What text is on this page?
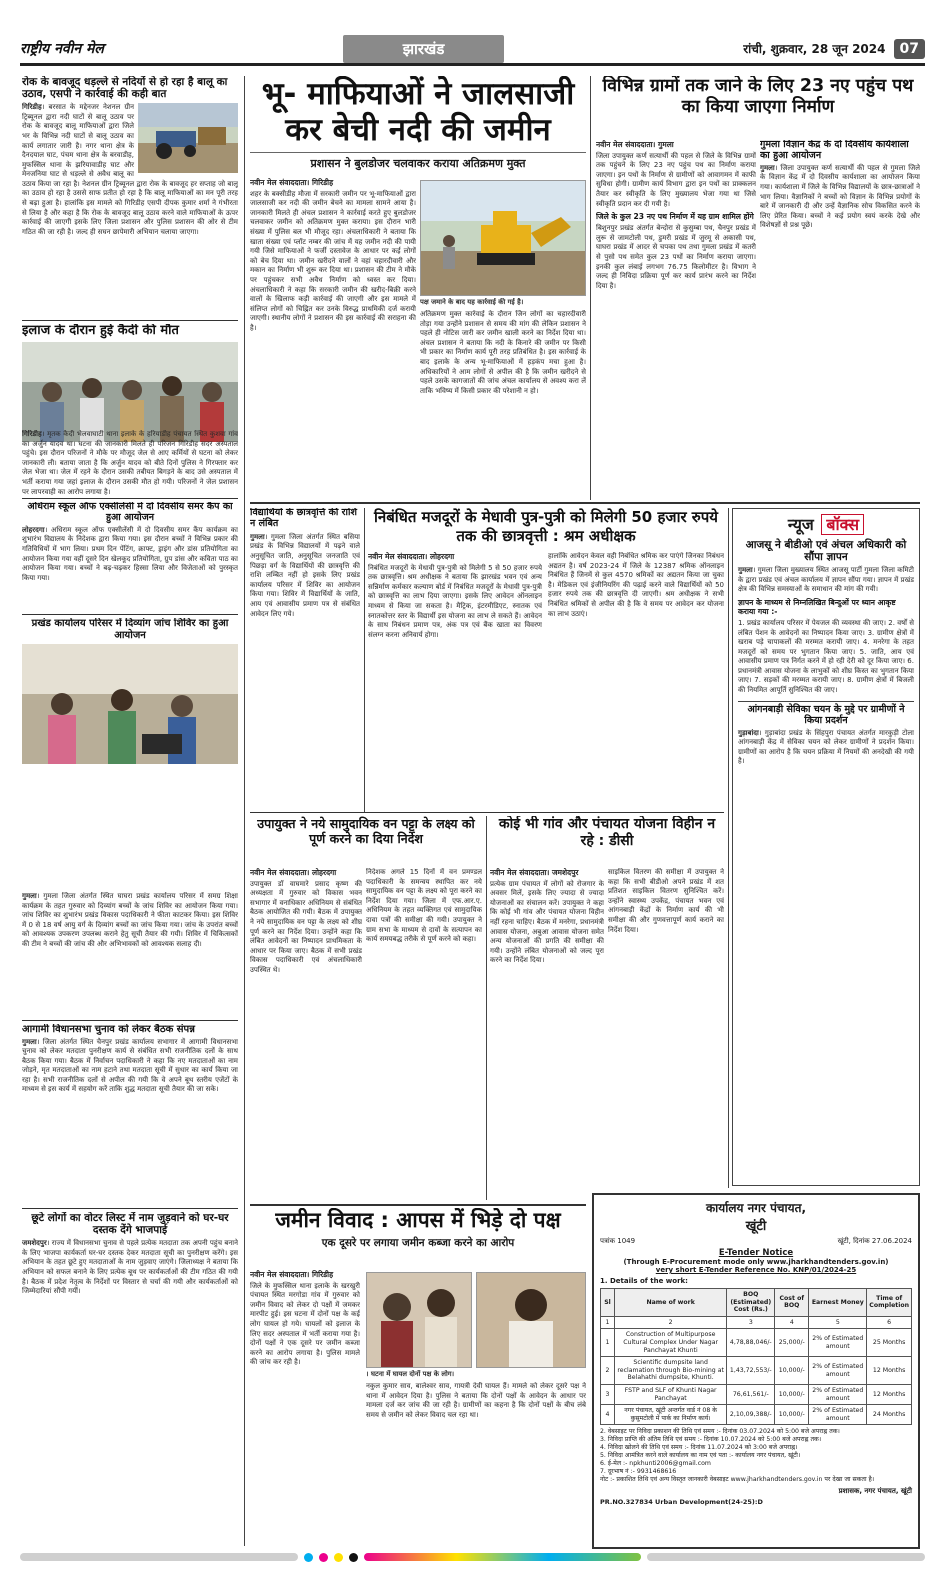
राष्ट्रीय नवीन मेल	झारखंड	रांची, शुक्रवार, 28 जून 2024	07
रोक के बावजूद धड़ल्ले से नदियों से हो रहा है बालू का उठाव, एसपी ने कार्रवाई की कही बात
गिरिडीह। बरसात के मद्देनजर नेशनल ग्रीन ट्रिब्यूनल द्वारा नदी घाटों से बालू उठाव पर रोक के बावजूद बालू माफियाओं द्वारा जिले भर के विभिन्न नदी घाटों से बालू उठाव का कार्य लगातार जारी है। नगर थाना क्षेत्र के दैनदयाल घाट, पंचम थाना क्षेत्र के बरवाडीह, मुफस्सिल थाना के झरियावाडीह घाट और मेनजनिया घाट से धड़ल्ले से अवैध बालू का उठाव किया जा रहा है। नेशनल ग्रीन ट्रिब्यूनल द्वारा रोक के बावजूद हर सप्ताह जो बालू का उठाव हो रहा है उससे साफ प्रतीत हो रहा है कि बालू माफियाओं का मन पूरी तरह से बढ़ा हुआ है। हालांकि इस मामले को गिरिडीह एसपी दीपक कुमार शर्मा ने गंभीरता से लिया है और कहा है कि रोक के बावजूद बालू उठाव करने वाले माफियाओं के ऊपर कार्रवाई की जाएगी इसके लिए जिला प्रशासन और पुलिस प्रशासन की ओर से टीम गठित की जा रही है। जल्द ही सघन छापेमारी अभियान चलाया जाएगा।
इलाज के दौरान हुई कैदी की मौत
गिरिडीह। मृतक कैदी भेलवाघाटी थाना इलाके के हरियाडीह पंचायत स्थित कुशवा गांव का अर्जुन यादव था। घटना की जानकारी मिलते ही परिजन गिरिडीह सदर अस्पताल पहुंचे। इस दौरान परिजनों ने मौके पर मौजूद जेल से आए कर्मियों से घटना को लेकर जानकारी ली। बताया जाता है कि अर्जुन यादव को बीते दिनों पुलिस ने गिरफ्तार कर जेल भेजा था। जेल में रहने के दौरान उसकी तबीयत बिगड़ने के बाद उसे अस्पताल में भर्ती कराया गया जहां इलाज के दौरान उसकी मौत हो गयी। परिजनों ने जेल प्रशासन पर लापरवाही का आरोप लगाया है।
अधिराम स्कूल ऑफ एक्सीलेंसी में दो दिवसीय समर कैंप का हुआ आयोजन
लोहरदगा। अधिराम स्कूल ऑफ एक्सीलेंसी में दो दिवसीय समर कैंप कार्यक्रम का शुभारंभ विद्यालय के निदेशक द्वारा किया गया। इस दौरान बच्चों ने विभिन्न प्रकार की गतिविधियों में भाग लिया। प्रथम दिन पेंटिंग, क्राफ्ट, ड्राइंग और डांस प्रतियोगिता का आयोजन किया गया वहीं दूसरे दिन खेलकूद प्रतियोगिता, ग्रुप डांस और कविता पाठ का आयोजन किया गया। बच्चों ने बढ़-चढ़कर हिस्सा लिया और विजेताओं को पुरस्कृत किया गया।
प्रखंड कार्यालय परिसर में दिव्यांग जांच शिविर का हुआ आयोजन
गुमला। गुमला जिला अंतर्गत स्थित घाघरा प्रखंड कार्यालय परिसर में समग्र शिक्षा कार्यक्रम के तहत गुरुवार को दिव्यांग बच्चों के जांच शिविर का आयोजन किया गया। जांच शिविर का शुभारंभ प्रखंड विकास पदाधिकारी ने फीता काटकर किया। इस शिविर में 0 से 18 वर्ष आयु वर्ग के दिव्यांग बच्चों का जांच किया गया। जांच के उपरांत बच्चों को आवश्यक उपकरण उपलब्ध कराने हेतु सूची तैयार की गयी। शिविर में चिकित्सकों की टीम ने बच्चों की जांच की और अभिभावकों को आवश्यक सलाह दी।
आगामी विधानसभा चुनाव को लेकर बैठक संपन्न
गुमला। जिला अंतर्गत स्थित चैनपुर प्रखंड कार्यालय सभागार में आगामी विधानसभा चुनाव को लेकर मतदाता पुनरीक्षण कार्य से संबंधित सभी राजनीतिक दलों के साथ बैठक किया गया। बैठक में निर्वाचन पदाधिकारी ने कहा कि नए मतदाताओं का नाम जोड़ने, मृत मतदाताओं का नाम हटाने तथा मतदाता सूची में सुधार का कार्य किया जा रहा है। सभी राजनीतिक दलों से अपील की गयी कि वे अपने बूथ स्तरीय एजेंटों के माध्यम से इस कार्य में सहयोग करें ताकि शुद्ध मतदाता सूची तैयार की जा सके।
छूटे लोगों का वोटर लिस्ट में नाम जुड़वाने को घर-घर दस्तक देंगे भाजपाई
जमशेदपुर। राज्य में विधानसभा चुनाव से पहले प्रत्येक मतदाता तक अपनी पहुंच बनाने के लिए भाजपा कार्यकर्ता घर-घर दस्तक देकर मतदाता सूची का पुनरीक्षण करेंगे। इस अभियान के तहत छूटे हुए मतदाताओं के नाम जुड़वाए जाएंगे। जिलाध्यक्ष ने बताया कि अभियान को सफल बनाने के लिए प्रत्येक बूथ पर कार्यकर्ताओं की टीम गठित की गयी है। बैठक में प्रदेश नेतृत्व के निर्देशों पर विस्तार से चर्चा की गयी और कार्यकर्ताओं को जिम्मेदारियां सौंपी गयीं।
भू- माफियाओं ने जालसाजी कर बेची नदी की जमीन
प्रशासन ने बुलडोजर चलवाकर कराया अतिक्रमण मुक्त
नवीन मेल संवाददाता। गिरिडीह
शहर के बक्सीडीह मौजा में सरकारी जमीन पर भू-माफियाओं द्वारा जालसाजी कर नदी की जमीन बेचने का मामला सामने आया है। जानकारी मिलते ही अंचल प्रशासन ने कार्रवाई करते हुए बुलडोजर चलवाकर जमीन को अतिक्रमण मुक्त कराया। इस दौरान भारी संख्या में पुलिस बल भी मौजूद रहा। अंचलाधिकारी ने बताया कि खाता संख्या एवं प्लॉट नम्बर की जांच में यह जमीन नदी की पायी गयी जिसे माफियाओं ने फर्जी दस्तावेज के आधार पर कई लोगों को बेच दिया था। जमीन खरीदने वालों ने वहां चहारदीवारी और मकान का निर्माण भी शुरू कर दिया था। प्रशासन की टीम ने मौके पर पहुंचकर सभी अवैध निर्माण को ध्वस्त कर दिया। अंचलाधिकारी ने कहा कि सरकारी जमीन की खरीद-बिक्री करने वालों के खिलाफ कड़ी कार्रवाई की जाएगी और इस मामले में संलिप्त लोगों को चिह्नित कर उनके विरुद्ध प्राथमिकी दर्ज करायी जाएगी। स्थानीय लोगों ने प्रशासन की इस कार्रवाई की सराहना की है।
पक्ष जमाने के बाद यह कार्रवाई की गई है।
अतिक्रमण मुक्त कार्रवाई के दौरान जिन लोगों का चहारदीवारी तोड़ा गया उन्होंने प्रशासन से समय की मांग की लेकिन प्रशासन ने पहले ही नोटिस जारी कर जमीन खाली करने का निर्देश दिया था। अंचल प्रशासन ने बताया कि नदी के किनारे की जमीन पर किसी भी प्रकार का निर्माण कार्य पूरी तरह प्रतिबंधित है। इस कार्रवाई के बाद इलाके के अन्य भू-माफियाओं में हड़कंप मचा हुआ है। अधिकारियों ने आम लोगों से अपील की है कि जमीन खरीदने से पहले उसके कागजातों की जांच अंचल कार्यालय से अवश्य करा लें ताकि भविष्य में किसी प्रकार की परेशानी न हो।
विभिन्न ग्रामों तक जाने के लिए 23 नए पहुंच पथ का किया जाएगा निर्माण
नवीन मेल संवाददाता। गुमला
जिला उपायुक्त कर्ण सत्यार्थी की पहल से जिले के विभिन्न ग्रामों तक पहुंचने के लिए 23 नए पहुंच पथ का निर्माण कराया जाएगा। इन पथों के निर्माण से ग्रामीणों को आवागमन में काफी सुविधा होगी। ग्रामीण कार्य विभाग द्वारा इन पथों का प्राक्कलन तैयार कर स्वीकृति के लिए मुख्यालय भेजा गया था जिसे स्वीकृति प्रदान कर दी गयी है।
जिले के कुल 23 नए पथ निर्माण में यह ग्राम शामिल होंगे
बिशुनपुर प्रखंड अंतर्गत बेन्दोरा से कुसुम्बा पथ, चैनपुर प्रखंड में लुरू से जामटोली पथ, डुमरी प्रखंड में जुरमू से अकासी पथ, घाघरा प्रखंड में आदर से चपका पथ तथा गुमला प्रखंड में कतरी से पुसो पथ समेत कुल 23 पथों का निर्माण कराया जाएगा। इनकी कुल लंबाई लगभग 76.75 किलोमीटर है। विभाग ने जल्द ही निविदा प्रक्रिया पूर्ण कर कार्य प्रारंभ करने का निर्देश दिया है।
गुमला विज्ञान केंद्र के दो दिवसीय कार्यशाला का हुआ आयोजन
गुमला। जिला उपायुक्त कर्ण सत्यार्थी की पहल से गुमला जिले के विज्ञान केंद्र में दो दिवसीय कार्यशाला का आयोजन किया गया। कार्यशाला में जिले के विभिन्न विद्यालयों के छात्र-छात्राओं ने भाग लिया। वैज्ञानिकों ने बच्चों को विज्ञान के विभिन्न प्रयोगों के बारे में जानकारी दी और उन्हें वैज्ञानिक सोच विकसित करने के लिए प्रेरित किया। बच्चों ने कई प्रयोग स्वयं करके देखे और विशेषज्ञों से प्रश्न पूछे।
विद्यार्थियों के छात्रवृत्ति की राशि न लंबित
गुमला। गुमला जिला अंतर्गत स्थित बसिया प्रखंड के विभिन्न विद्यालयों में पढ़ने वाले अनुसूचित जाति, अनुसूचित जनजाति एवं पिछड़ा वर्ग के विद्यार्थियों की छात्रवृत्ति की राशि लम्बित नहीं हो इसके लिए प्रखंड कार्यालय परिसर में शिविर का आयोजन किया गया। शिविर में विद्यार्थियों के जाति, आय एवं आवासीय प्रमाण पत्र से संबंधित आवेदन लिए गये।
निबंधित मजदूरों के मेधावी पुत्र-पुत्री को मिलेगी 50 हजार रुपये तक की छात्रवृत्ती : श्रम अधीक्षक
नवीन मेल संवाददाता। लोहरदगा
निबंधित मजदूरों के मेधावी पुत्र-पुत्री को मिलेगी 5 से 50 हजार रुपये तक छात्रवृत्ति। श्रम अधीक्षक ने बताया कि झारखंड भवन एवं अन्य सन्निर्माण कर्मकार कल्याण बोर्ड में निबंधित मजदूरों के मेधावी पुत्र-पुत्री को छात्रवृत्ति का लाभ दिया जाएगा। इसके लिए आवेदन ऑनलाइन माध्यम से किया जा सकता है। मैट्रिक, इंटरमीडिएट, स्नातक एवं स्नातकोत्तर स्तर के विद्यार्थी इस योजना का लाभ ले सकते हैं। आवेदन के साथ निबंधन प्रमाण पत्र, अंक पत्र एवं बैंक खाता का विवरण संलग्न करना अनिवार्य होगा।
हालांकि आवेदन केवल वही निबंधित श्रमिक कर पाएंगे जिनका निबंधन अद्यतन है। वर्ष 2023-24 में जिले के 12387 श्रमिक ऑनलाइन निबंधित हैं जिनमें से कुल 4570 श्रमिकों का अद्यतन किया जा चुका है। मेडिकल एवं इंजीनियरिंग की पढ़ाई करने वाले विद्यार्थियों को 50 हजार रुपये तक की छात्रवृत्ति दी जाएगी। श्रम अधीक्षक ने सभी निबंधित श्रमिकों से अपील की है कि वे समय पर आवेदन कर योजना का लाभ उठाएं।
न्यूज बॉक्स
आजसू ने बीडीओ एवं अंचल अधिकारी को सौंपा ज्ञापन
गुमला। गुमला जिला मुख्यालय स्थित आजसू पार्टी गुमला जिला कमिटी के द्वारा प्रखंड एवं अंचल कार्यालय में ज्ञापन सौंपा गया। ज्ञापन में प्रखंड क्षेत्र की विभिन्न समस्याओं के समाधान की मांग की गयी।
ज्ञापन के माध्यम से निम्नलिखित बिन्दुओं पर ध्यान आकृष्ट कराया गया :-
1. प्रखंड कार्यालय परिसर में पेयजल की व्यवस्था की जाए। 2. वर्षों से लंबित पेंशन के आवेदनों का निष्पादन किया जाए। 3. ग्रामीण क्षेत्रों में खराब पड़े चापाकलों की मरम्मत करायी जाए। 4. मनरेगा के तहत मजदूरों को समय पर भुगतान किया जाए। 5. जाति, आय एवं आवासीय प्रमाण पत्र निर्गत करने में हो रही देरी को दूर किया जाए। 6. प्रधानमंत्री आवास योजना के लाभुकों को शीघ्र किस्त का भुगतान किया जाए। 7. सड़कों की मरम्मत करायी जाए। 8. ग्रामीण क्षेत्रों में बिजली की नियमित आपूर्ति सुनिश्चित की जाए।
आंगनबाड़ी सेविका चयन के मुद्दे पर ग्रामीणों ने किया प्रदर्शन
गुड़ाबांदा। गुड़ाबांदा प्रखंड के सिंहपुरा पंचायत अंतर्गत मारकुड़ी टोला आंगनबाड़ी केंद्र में सेविका चयन को लेकर ग्रामीणों ने प्रदर्शन किया। ग्रामीणों का आरोप है कि चयन प्रक्रिया में नियमों की अनदेखी की गयी है।
उपायुक्त ने नये सामुदायिक वन पट्टा के लक्ष्य को पूर्ण करने का दिया निर्देश
नवीन मेल संवाददाता। लोहरदगा
उपायुक्त डॉ वाघमारे प्रसाद कृष्ण की अध्यक्षता में गुरुवार को विकास भवन सभागार में वनाधिकार अधिनियम से संबंधित बैठक आयोजित की गयी। बैठक में उपायुक्त ने नये सामुदायिक वन पट्टा के लक्ष्य को शीघ्र पूर्ण करने का निर्देश दिया। उन्होंने कहा कि लंबित आवेदनों का निष्पादन प्राथमिकता के आधार पर किया जाए। बैठक में सभी प्रखंड विकास पदाधिकारी एवं अंचलाधिकारी उपस्थित थे।
निदेशक अगले 15 दिनों में वन प्रमण्डल पदाधिकारी के समन्वय स्थापित कर नये सामुदायिक वन पट्टा के लक्ष्य को पूरा करने का निर्देश दिया गया। जिला में एफ.आर.ए. अधिनियम के तहत व्यक्तिगत एवं सामुदायिक दावा पत्रों की समीक्षा की गयी। उपायुक्त ने ग्राम सभा के माध्यम से दावों के सत्यापन का कार्य समयबद्ध तरीके से पूर्ण करने को कहा।
कोई भी गांव और पंचायत योजना विहीन न रहे : डीसी
नवीन मेल संवाददाता। जमशेदपुर
प्रत्येक ग्राम पंचायत में लोगों को रोजगार के अवसर मिलें, इसके लिए ज्यादा से ज्यादा योजनाओं का संचालन करें। उपायुक्त ने कहा कि कोई भी गांव और पंचायत योजना विहीन नहीं रहना चाहिए। बैठक में मनरेगा, प्रधानमंत्री आवास योजना, अबुआ आवास योजना समेत अन्य योजनाओं की प्रगति की समीक्षा की गयी। उन्होंने लंबित योजनाओं को जल्द पूरा करने का निर्देश दिया।
साइकिल वितरण की समीक्षा में उपायुक्त ने कहा कि सभी बीडीओ अपने प्रखंड में शत प्रतिशत साइकिल वितरण सुनिश्चित करें। उन्होंने स्वास्थ्य उपकेंद्र, पंचायत भवन एवं आंगनबाड़ी केंद्रों के निर्माण कार्य की भी समीक्षा की और गुणवत्तापूर्ण कार्य कराने का निर्देश दिया।
जमीन विवाद : आपस में भिड़े दो पक्ष
एक दूसरे पर लगाया जमीन कब्जा करने का आरोप
नवीन मेल संवाददाता। गिरिडीह
जिले के मुफस्सिल थाना इलाके के खरखुरी पंचायत स्थित मरगोडा गांव में गुरुवार को जमीन विवाद को लेकर दो पक्षों में जमकर मारपीट हुई। इस घटना में दोनों पक्ष के कई लोग घायल हो गये। घायलों को इलाज के लिए सदर अस्पताल में भर्ती कराया गया है। दोनों पक्षों ने एक दूसरे पर जमीन कब्जा करने का आरोप लगाया है। पुलिस मामले की जांच कर रही है।
। घटना में घायल दोनों पक्ष के लोग।
नकुल कुमार साव, बालेश्वर साव, गायत्री देवी घायल हैं। मामले को लेकर दूसरे पक्ष ने थाना में आवेदन दिया है। पुलिस ने बताया कि दोनों पक्षों के आवेदन के आधार पर मामला दर्ज कर जांच की जा रही है। ग्रामीणों का कहना है कि दोनों पक्षों के बीच लंबे समय से जमीन को लेकर विवाद चल रहा था।
कार्यालय नगर पंचायत,
खूंटी
पत्रांक 1049	खूंटी, दिनांक 27.06.2024
E-Tender Notice
(Through E-Procurement mode only www.jharkhandtenders.gov.in)
very short E-Tender Reference No. KNP/01/2024-25
1. Details of the work:
Sl	Name of work	BOQ (Estimated) Cost (Rs.)	Cost of BOQ	Earnest Money	Time of Completion
1	2	3	4	5	6
1	Construction of Multipurpose Cultural Complex Under Nagar Panchayat Khunti	4,78,88,046/-	25,000/-	2% of Estimated amount	25 Months
2	Scientific dumpsite land reclamation through Bio-mining at Belahathi dumpsite, Khunti.	1,43,72,553/-	10,000/-	2% of Estimated amount	12 Months
3	FSTP and SLF of Khunti Nagar Panchayat	76,61,561/-	10,000/-	2% of Estimated amount	12 Months
4	नगर पंचायत, खूंटी अन्तर्गत वार्ड नं 08 के कुसुमटोली में पार्क का निर्माण कार्य।	2,10,09,388/-	10,000/-	2% of Estimated amount	24 Months
2. वेबसाइट पर निविदा प्रकाशन की तिथि एवं समय :- दिनांक 03.07.2024 को 5:00 बजे अपराह्न तक।
3. निविदा प्राप्ति की अंतिम तिथि एवं समय :- दिनांक 10.07.2024 को 5:00 बजे अपराह्न तक।
4. निविदा खोलने की तिथि एवं समय :- दिनांक 11.07.2024 को 3:00 बजे अपराह्न।
5. निविदा आमंत्रित करने वाले कार्यालय का नाम एवं पता :- कार्यालय नगर पंचायत, खूंटी।
6. ई-मेल :- npkhunti2006@gmail.com
7. दूरभाष नं :- 9931468616
नोट :- प्रकाशित तिथि एवं अन्य विस्तृत जानकारी वेबसाइट www.jharkhandtenders.gov.in पर देखा जा सकता है।
प्रशासक, नगर पंचायत, खूंटी
PR.NO.327834 Urban Development(24-25):D
